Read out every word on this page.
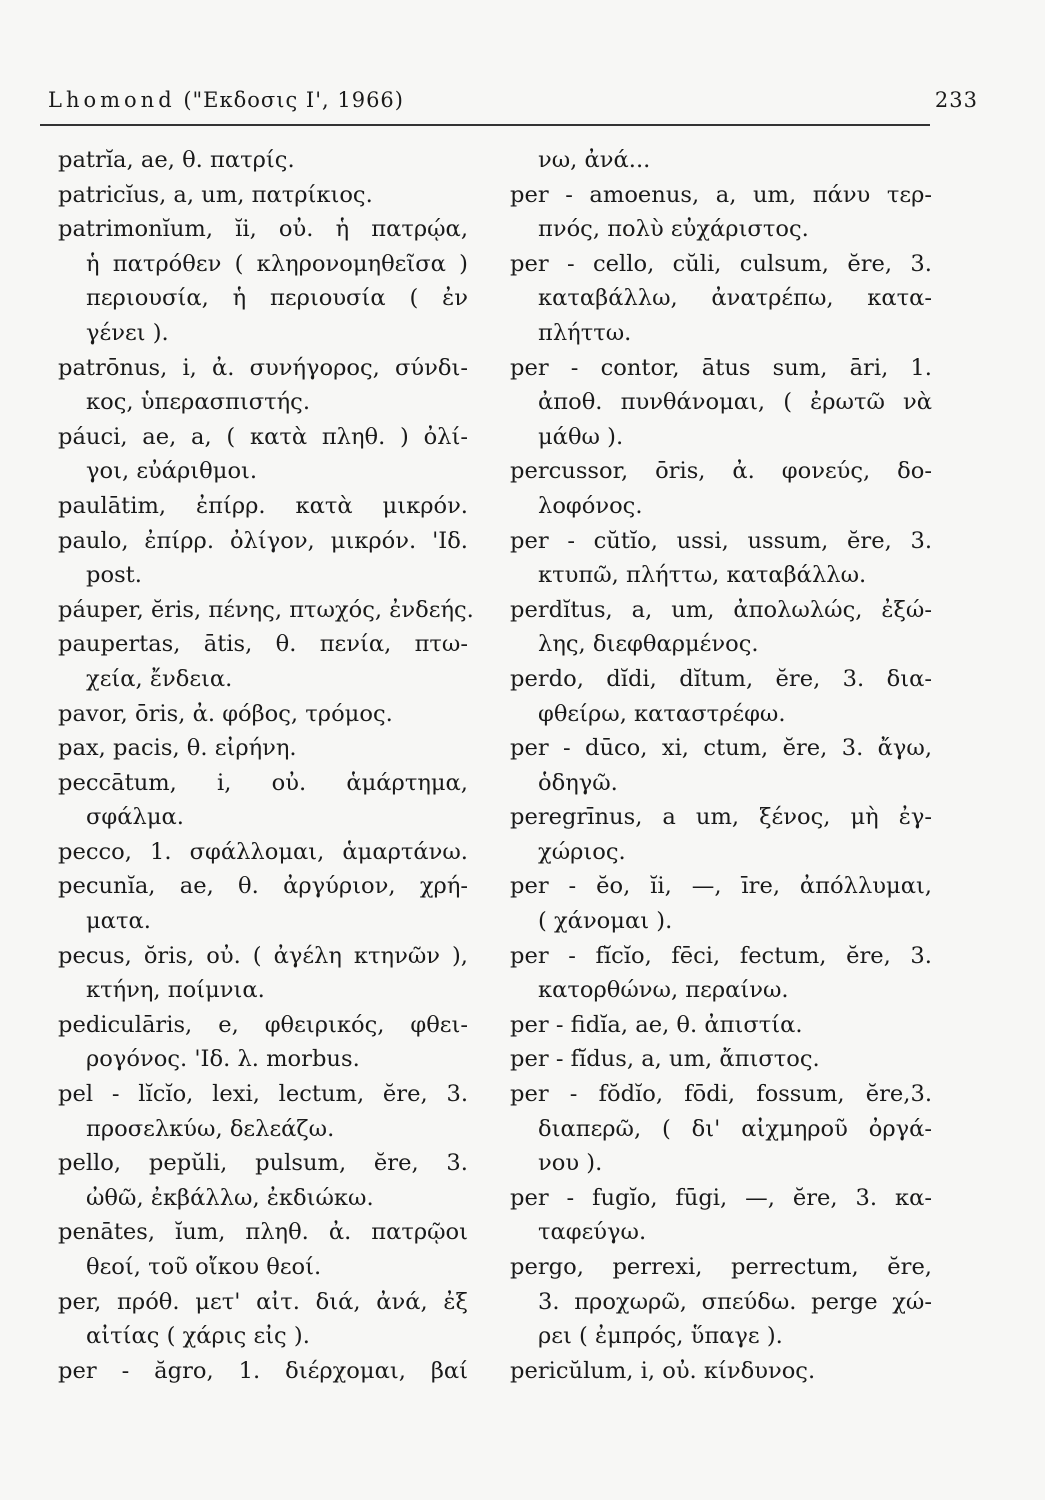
Lhomond ("Εκδοσις Ι', 1966)	233
patrĭa, ae, θ. πατρίς.
patricĭus, a, um, πατρίκιος.
patrimonĭum, ĭi, οὐ. ἡ πατρῴα,
ἡ πατρόθεν ( κληρονομηθεῖσα )
περιουσία, ἡ περιουσία ( ἐν
γένει ).
patrōnus, i, ἀ. συνήγορος, σύνδι-
κος, ὑπερασπιστής.
páuci, ae, a, ( κατὰ πληθ. ) ὀλί-
γοι, εὐάριθμοι.
paulātim, ἐπίρρ. κατὰ μικρόν.
paulo, ἐπίρρ. ὀλίγον, μικρόν. 'Ιδ.
post.
páuper, ĕris, πένης, πτωχός, ἐνδεής.
paupertas, ātis, θ. πενία, πτω-
χεία, ἔνδεια.
pavor, ōris, ἀ. φόβος, τρόμος.
pax, pacis, θ. εἰρήνη.
peccātum, i, οὐ. ἁμάρτημα,
σφάλμα.
pecco, 1. σφάλλομαι, ἁμαρτάνω.
pecunĭa, ae, θ. ἀργύριον, χρή-
ματα.
pecus, ŏris, οὐ. ( ἀγέλη κτηνῶν ),
κτήνη, ποίμνια.
pediculāris, e, φθειρικός, φθει-
ρογόνος. 'Ιδ. λ. morbus.
pel - lĭcĭo, lexi, lectum, ĕre, 3.
προσελκύω, δελεάζω.
pello, pepŭli, pulsum, ĕre, 3.
ὠθῶ, ἐκβάλλω, ἐκδιώκω.
penātes, ĭum, πληθ. ἀ. πατρῷοι
θεοί, τοῦ οἴκου θεοί.
per, πρόθ. μετ' αἰτ. διά, ἀνά, ἐξ
αἰτίας ( χάρις εἰς ).
per - ăgro, 1. διέρχομαι, βαί
νω, ἀνά...
per - amoenus, a, um, πάνυ τερ-
πνός, πολὺ εὐχάριστος.
per - cello, cŭli, culsum, ĕre, 3.
καταβάλλω, ἀνατρέπω, κατα-
πλήττω.
per - contor, ātus sum, āri, 1.
ἀποθ. πυνθάνομαι, ( ἐρωτῶ νὰ
μάθω ).
percussor, ōris, ἀ. φονεύς, δο-
λοφόνος.
per - cŭtĭo, ussi, ussum, ĕre, 3.
κτυπῶ, πλήττω, καταβάλλω.
perdĭtus, a, um, ἀπολωλώς, ἐξώ-
λης, διεφθαρμένος.
perdo, dĭdi, dĭtum, ĕre, 3. δια-
φθείρω, καταστρέφω.
per - dūco, xi, ctum, ĕre, 3. ἄγω,
ὁδηγῶ.
peregrīnus, a um, ξένος, μὴ ἐγ-
χώριος.
per - ĕo, ĭi, —, īre, ἀπόλλυμαι,
( χάνομαι ).
per - fĭcĭo, fēci, fectum, ĕre, 3.
κατορθώνω, περαίνω.
per - fidĭa, ae, θ. ἀπιστία.
per - fĭdus, a, um, ἄπιστος.
per - fŏdĭo, fōdi, fossum, ĕre,3.
διαπερῶ, ( δι' αἰχμηροῦ ὀργά-
νου ).
per - fugĭo, fūgi, —, ĕre, 3. κα-
ταφεύγω.
pergo, perrexi, perrectum, ĕre,
3. προχωρῶ, σπεύδω. perge χώ-
ρει ( ἐμπρός, ὕπαγε ).
pericŭlum, i, οὐ. κίνδυνος.
